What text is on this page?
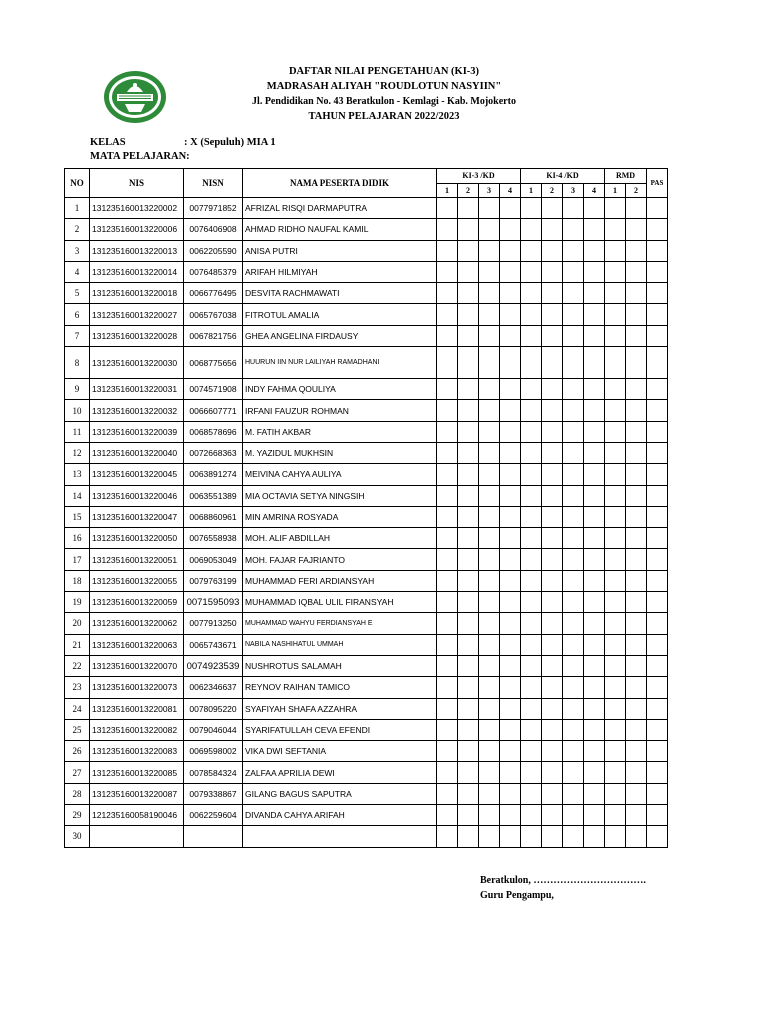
DAFTAR NILAI PENGETAHUAN (KI-3)
MADRASAH ALIYAH "ROUDLOTUN NASYIIN"
Jl. Pendidikan No. 43 Beratkulon - Kemlagi - Kab. Mojokerto
TAHUN PELAJARAN 2022/2023
KELAS	: X (Sepuluh) MIA 1
MATA PELAJARAN:
NO	NIS	NISN	NAMA PESERTA DIDIK	KI-3 /KD				KI-4 /KD				RMD		PAS
				1	2	3	4	1	2	3	4	1	2	
1	131235160013220002	0077971852	AFRIZAL RISQI DARMAPUTRA											
2	131235160013220006	0076406908	AHMAD RIDHO NAUFAL KAMIL											
3	131235160013220013	0062205590	ANISA PUTRI											
4	131235160013220014	0076485379	ARIFAH HILMIYAH											
5	131235160013220018	0066776495	DESVITA RACHMAWATI											
6	131235160013220027	0065767038	FITROTUL AMALIA											
7	131235160013220028	0067821756	GHEA ANGELINA FIRDAUSY											
8	131235160013220030	0068775656	HUURUN IIN NUR LAILIYAH RAMADHANI											
9	131235160013220031	0074571908	INDY FAHMA QOULIYA											
10	131235160013220032	0066607771	IRFANI FAUZUR ROHMAN											
11	131235160013220039	0068578696	M. FATIH AKBAR											
12	131235160013220040	0072668363	M. YAZIDUL MUKHSIN											
13	131235160013220045	0063891274	MEIVINA CAHYA AULIYA											
14	131235160013220046	0063551389	MIA OCTAVIA SETYA NINGSIH											
15	131235160013220047	0068860961	MIN AMRINA ROSYADA											
16	131235160013220050	0076558938	MOH. ALIF ABDILLAH											
17	131235160013220051	0069053049	MOH. FAJAR FAJRIANTO											
18	131235160013220055	0079763199	MUHAMMAD FERI ARDIANSYAH											
19	131235160013220059	0071595093	MUHAMMAD IQBAL ULIL FIRANSYAH											
20	131235160013220062	0077913250	MUHAMMAD WAHYU FERDIANSYAH E											
21	131235160013220063	0065743671	NABILA NASHIHATUL UMMAH											
22	131235160013220070	0074923539	NUSHROTUS SALAMAH											
23	131235160013220073	0062346637	REYNOV RAIHAN TAMICO											
24	131235160013220081	0078095220	SYAFIYAH SHAFA AZZAHRA											
25	131235160013220082	0079046044	SYARIFATULLAH CEVA EFENDI											
26	131235160013220083	0069598002	VIKA DWI SEFTANIA											
27	131235160013220085	0078584324	ZALFAA APRILIA DEWI											
28	131235160013220087	0079338867	GILANG BAGUS SAPUTRA											
29	121235160058190046	0062259604	DIVANDA CAHYA ARIFAH											
30														
Beratkulon, …………………………….
Guru Pengampu,
